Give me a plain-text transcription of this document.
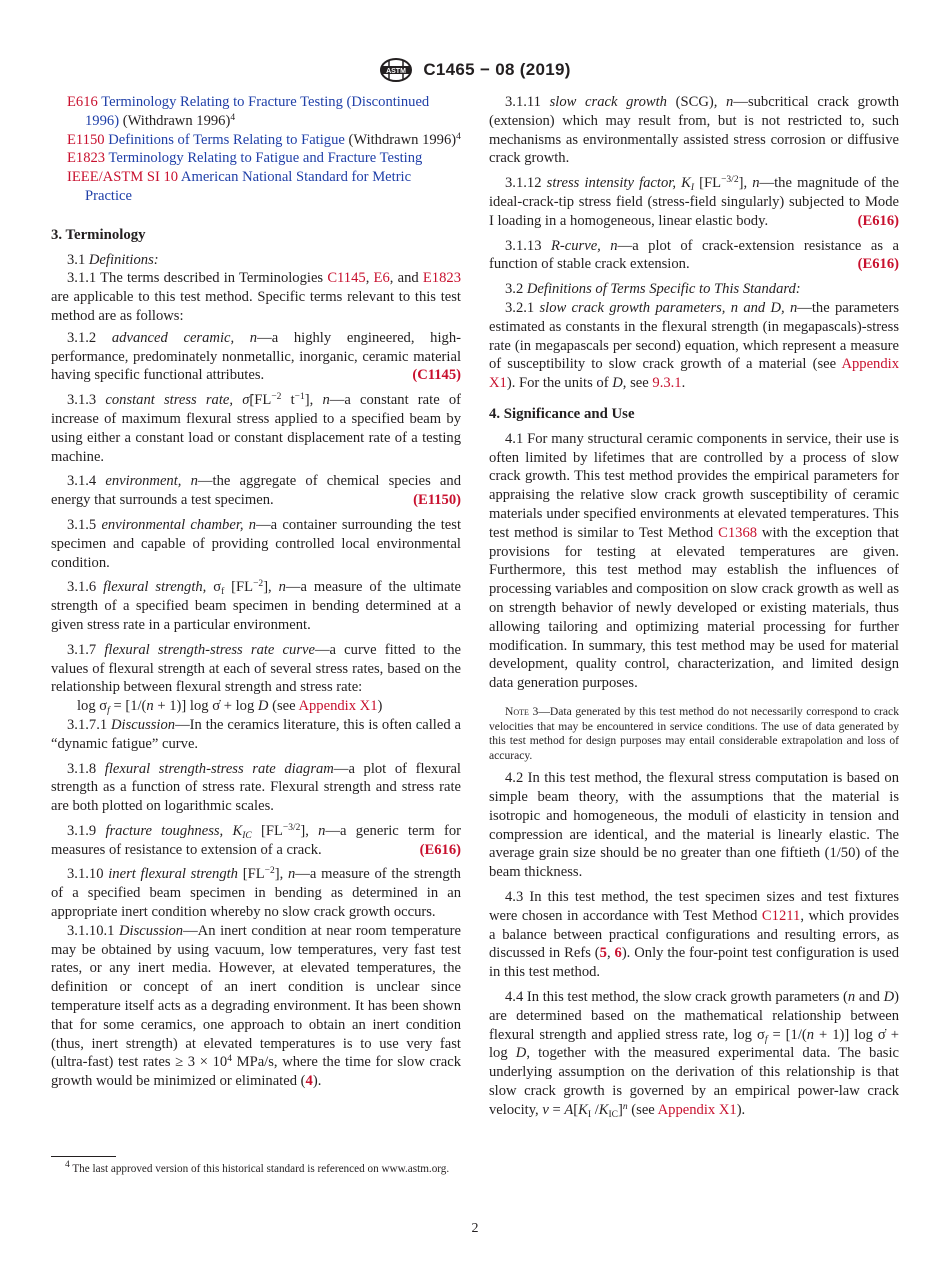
ASTM C1465 − 08 (2019)

E616 Terminology Relating to Fracture Testing (Discontinued 1996) (Withdrawn 1996)$^4$

E1150 Definitions of Terms Relating to Fatigue (Withdrawn 1996)$^4$

E1823 Terminology Relating to Fatigue and Fracture Testing

IEEE/ASTM SI 10 American National Standard for Metric Practice

3. Terminology

3.1 Definitions:

3.1.1 The terms described in Terminologies C1145, E6, and E1823 are applicable to this test method. Specific terms relevant to this test method are as follows:

3.1.2 advanced ceramic, n—a highly engineered, high-performance, predominately nonmetallic, inorganic, ceramic material having specific functional attributes.	(C1145)

3.1.3 constant stress rate, $\sigmȧ[FL^{-2}$ $t^{-1}$], n—a constant rate of increase of maximum flexural stress applied to a specified beam by using either a constant load or constant displacement rate of a testing machine.

3.1.4 environment, n—the aggregate of chemical species and energy that surrounds a test specimen.	(E1150)

3.1.5 environmental chamber, n—a container surrounding the test specimen and capable of providing controlled local environmental condition.

3.1.6 flexural strength, $\sigma_f$ $[FL^{-2}]$, n—a measure of the ultimate strength of a specified beam specimen in bending determined at a given stress rate in a particular environment.

3.1.7 flexural strength-stress rate curve—a curve fitted to the values of flexural strength at each of several stress rates, based on the relationship between flexural strength and stress rate:

$\log \sigma_f = [1/(n + 1)]$ log σ̇ + log D (see Appendix X1)

3.1.7.1 Discussion—In the ceramics literature, this is often called a “dynamic fatigue” curve.

3.1.8 flexural strength-stress rate diagram—a plot of flexural strength as a function of stress rate. Flexural strength and stress rate are both plotted on logarithmic scales.

3.1.9 fracture toughness, $K_{IC}$ $[FL^{-3/2}]$, n—a generic term for measures of resistance to extension of a crack.	(E616)

3.1.10 inert flexural strength $[FL^{-2}]$, n—a measure of the strength of a specified beam specimen in bending as determined in an appropriate inert condition whereby no slow crack growth occurs.

3.1.10.1 Discussion—An inert condition at near room temperature may be obtained by using vacuum, low temperatures, very fast test rates, or any inert media. However, at elevated temperatures, the definition or concept of an inert condition is unclear since temperature itself acts as a degrading environment. It has been shown that for some ceramics, one approach to obtain an inert condition (thus, inert strength) at elevated temperatures is to use very fast (ultra-fast) test rates ≥ $3 \times 10^4$ MPa/s, where the time for slow crack growth would be minimized or eliminated (4).

$^4$ The last approved version of this historical standard is referenced on www.astm.org.

3.1.11 slow crack growth (SCG), n—subcritical crack growth (extension) which may result from, but is not restricted to, such mechanisms as environmentally assisted stress corrosion or diffusive crack growth.

3.1.12 stress intensity factor, $K_I$ $[FL^{-3/2}]$, n—the magnitude of the ideal-crack-tip stress field (stress-field singularly) subjected to Mode I loading in a homogeneous, linear elastic body.	(E616)

3.1.13 R-curve, n—a plot of crack-extension resistance as a function of stable crack extension.	(E616)

3.2 Definitions of Terms Specific to This Standard:

3.2.1 slow crack growth parameters, n and D, n—the parameters estimated as constants in the flexural strength (in megapascals)-stress rate (in megapascals per second) equation, which represent a measure of susceptibility to slow crack growth of a material (see Appendix X1). For the units of D, see 9.3.1.

4. Significance and Use

4.1 For many structural ceramic components in service, their use is often limited by lifetimes that are controlled by a process of slow crack growth. This test method provides the empirical parameters for appraising the relative slow crack growth susceptibility of ceramic materials under specified environments at elevated temperatures. This test method is similar to Test Method C1368 with the exception that provisions for testing at elevated temperatures are given. Furthermore, this test method may establish the influences of processing variables and composition on slow crack growth as well as on strength behavior of newly developed or existing materials, thus allowing tailoring and optimizing material processing for further modification. In summary, this test method may be used for material development, quality control, characterization, and limited design data generation purposes.

Note 3—Data generated by this test method do not necessarily correspond to crack velocities that may be encountered in service conditions. The use of data generated by this test method for design purposes may entail considerable extrapolation and loss of accuracy.

4.2 In this test method, the flexural stress computation is based on simple beam theory, with the assumptions that the material is isotropic and homogeneous, the moduli of elasticity in tension and compression are identical, and the material is linearly elastic. The average grain size should be no greater than one fiftieth (1/50) of the beam thickness.

4.3 In this test method, the test specimen sizes and test fixtures were chosen in accordance with Test Method C1211, which provides a balance between practical configurations and resulting errors, as discussed in Refs (5, 6). Only the four-point test configuration is used in this test method.

4.4 In this test method, the slow crack growth parameters (n and D) are determined based on the mathematical relationship between flexural strength and applied stress rate, $\log \sigma_f = [1/(n + 1)]$ log σ̇ + log D, together with the measured experimental data. The basic underlying assumption on the derivation of this relationship is that slow crack growth is governed by an empirical power-law crack velocity, $v = A[K_I$ $/K_{IC}]^n$ (see Appendix X1).

2
